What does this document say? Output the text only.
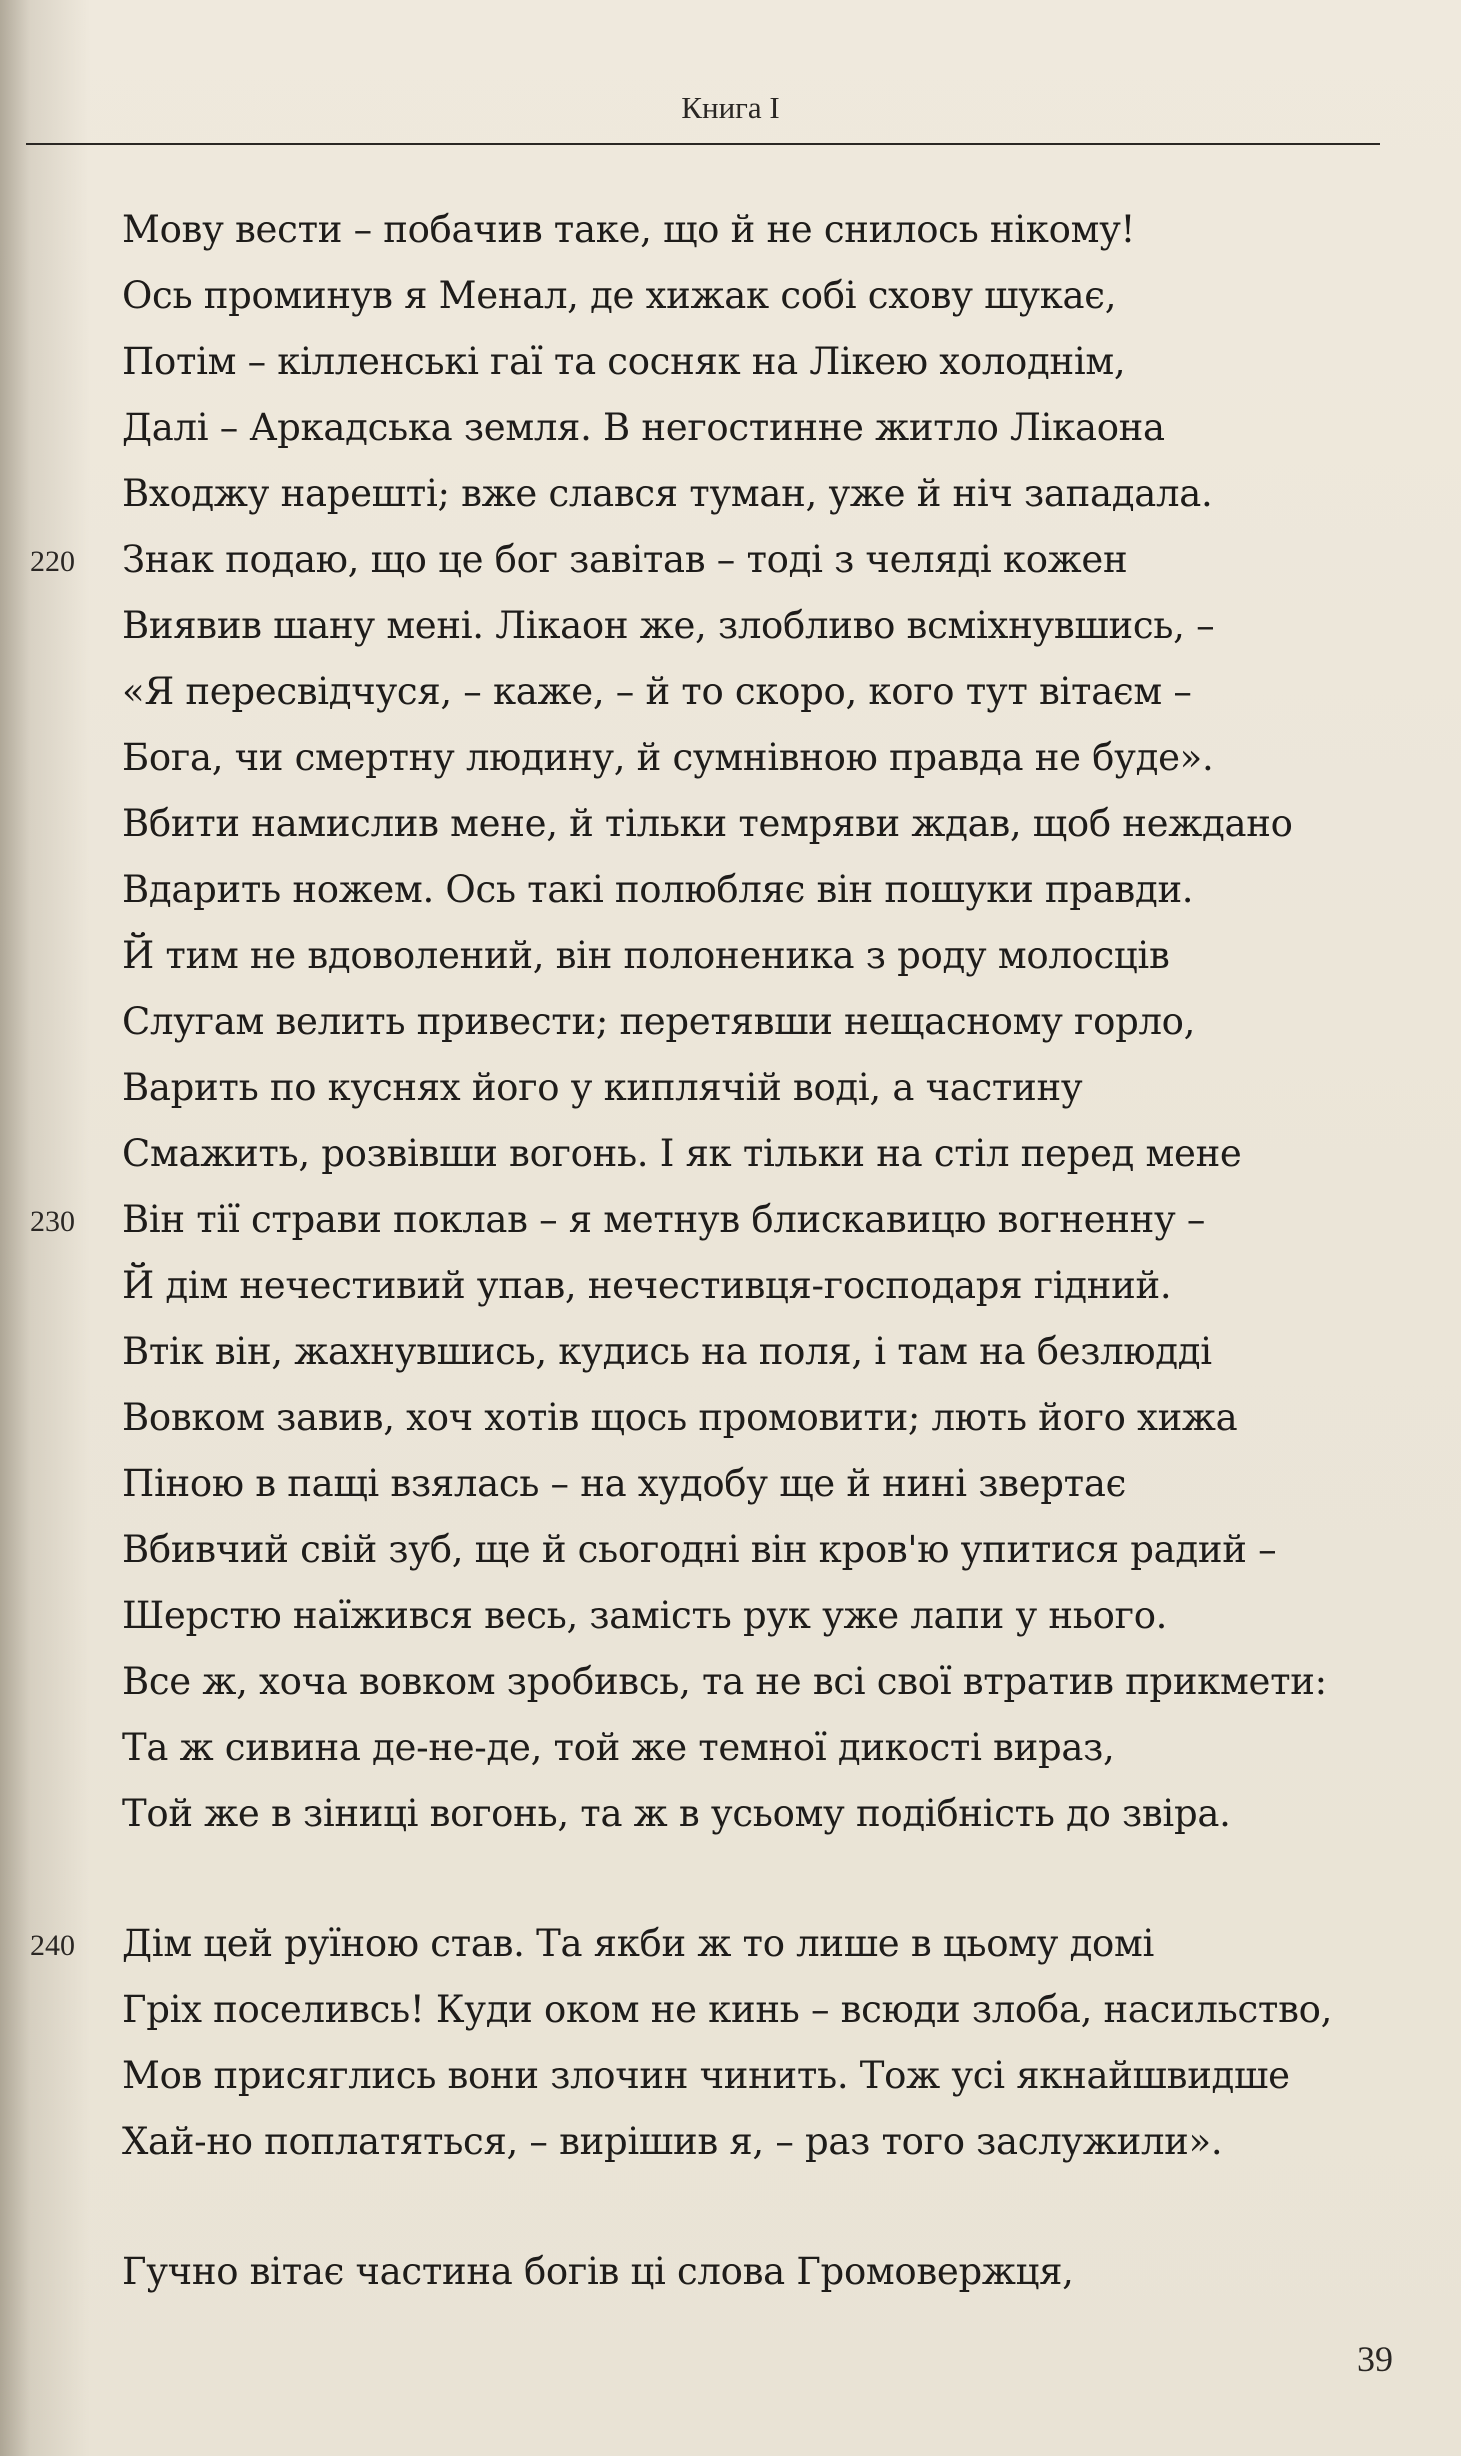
Книга І
Мову вести – побачив таке, що й не снилось нікому!
Ось проминув я Менал, де хижак собі схову шукає,
Потім – кілленські гаї та сосняк на Лікею холоднім,
Далі – Аркадська земля. В негостинне житло Лікаона
Входжу нарешті; вже слався туман, уже й ніч западала.
Знак подаю, що це бог завітав – тоді з челяді кожен
220
Виявив шану мені. Лікаон же, злобливо всміхнувшись, –
«Я пересвідчуся, – каже, – й то скоро, кого тут вітаєм –
Бога, чи смертну людину, й сумнівною правда не буде».
Вбити намислив мене, й тільки темряви ждав, щоб неждано
Вдарить ножем. Ось такі полюбляє він пошуки правди.
Й тим не вдоволений, він полоненика з роду молосців
Слугам велить привести; перетявши нещасному горло,
Варить по куснях його у киплячій воді, а частину
Смажить, розвівши вогонь. І як тільки на стіл перед мене
Він тії страви поклав – я метнув блискавицю вогненну –
230
Й дім нечестивий упав, нечестивця-господаря гідний.
Втік він, жахнувшись, кудись на поля, і там на безлюдді
Вовком завив, хоч хотів щось промовити; лють його хижа
Піною в пащі взялась – на худобу ще й нині звертає
Вбивчий свій зуб, ще й сьогодні він кров'ю упитися радий –
Шерстю наїжився весь, замість рук уже лапи у нього.
Все ж, хоча вовком зробивсь, та не всі свої втратив прикмети:
Та ж сивина де-не-де, той же темної дикості вираз,
Той же в зіниці вогонь, та ж в усьому подібність до звіра.
Дім цей руїною став. Та якби ж то лише в цьому домі
240
Гріх поселивсь! Куди оком не кинь – всюди злоба, насильство,
Мов присяглись вони злочин чинить. Тож усі якнайшвидше
Хай-но поплатяться, – вирішив я, – раз того заслужили».
Гучно вітає частина богів ці слова Громовержця,
39
